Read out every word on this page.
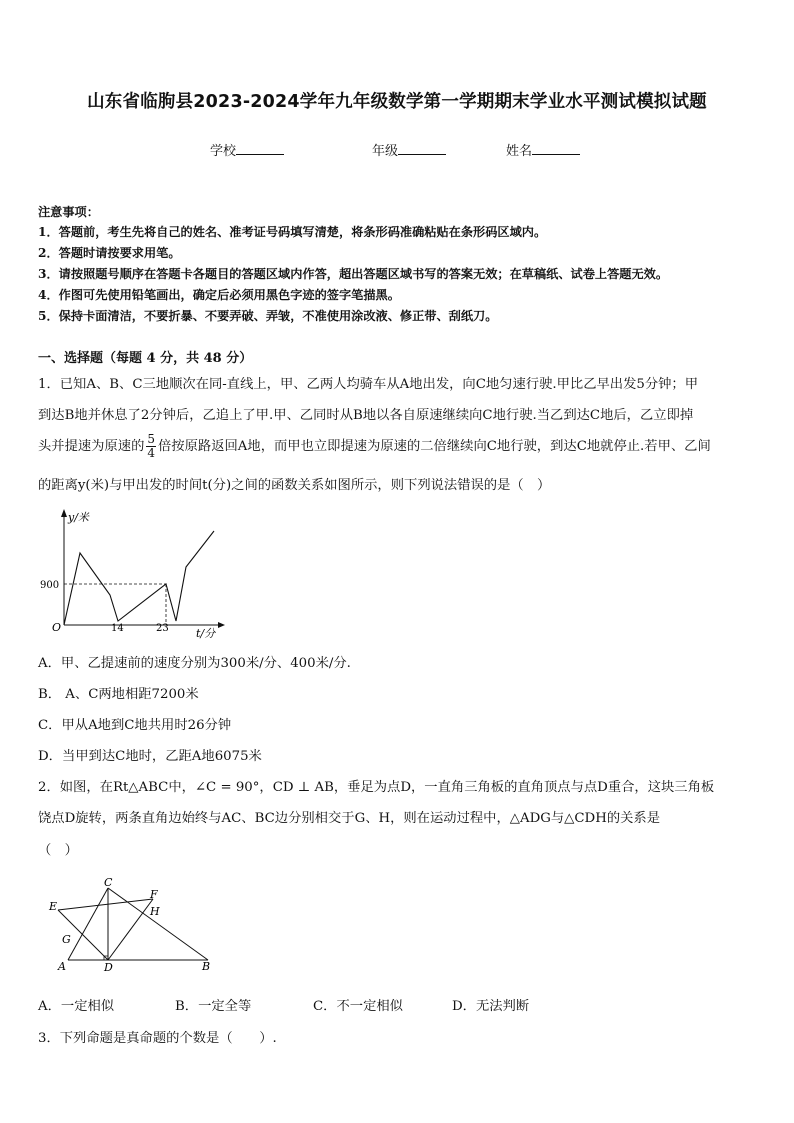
山东省临朐县2023-2024学年九年级数学第一学期期末学业水平测试模拟试题
学校	年级	姓名
注意事项：
1．答题前，考生先将自己的姓名、准考证号码填写清楚，将条形码准确粘贴在条形码区域内。
2．答题时请按要求用笔。
3．请按照题号顺序在答题卡各题目的答题区域内作答，超出答题区域书写的答案无效；在草稿纸、试卷上答题无效。
4．作图可先使用铅笔画出，确定后必须用黑色字迹的签字笔描黑。
5．保持卡面清洁，不要折暴、不要弄破、弄皱，不准使用涂改液、修正带、刮纸刀。
一、选择题（每题 4 分，共 48 分）
1．已知A、B、C三地顺次在同-直线上，甲、乙两人均骑车从A地出发，向C地匀速行驶.甲比乙早出发5分钟；甲
到达B地并休息了2分钟后，乙追上了甲.甲、乙同时从B地以各自原速继续向C地行驶.当乙到达C地后，乙立即掉
头并提速为原速的 $\frac{5}{4}$ 倍按原路返回A地，而甲也立即提速为原速的二倍继续向C地行驶，到达C地就停止.若甲、乙间
的距离y(米)与甲出发的时间t(分)之间的函数关系如图所示，则下列说法错误的是（　）
y/米
t/分
O
900
14	23
A．甲、乙提速前的速度分别为300米/分、400米/分.
B． A、C两地相距7200米
C．甲从A地到C地共用时26分钟
D．当甲到达C地时，乙距A地6075米
2．如图，在Rt△ABC中，∠C = 90°，CD ⊥ AB，垂足为点D，一直角三角板的直角顶点与点D重合，这块三角板
饶点D旋转，两条直角边始终与AC、BC边分别相交于G、H，则在运动过程中，△ADG与△CDH的关系是
（　）
C
F
E	H
G
A	D	B
A．一定相似	B．一定全等	C．不一定相似	D．无法判断
3．下列命题是真命题的个数是（　　）.
